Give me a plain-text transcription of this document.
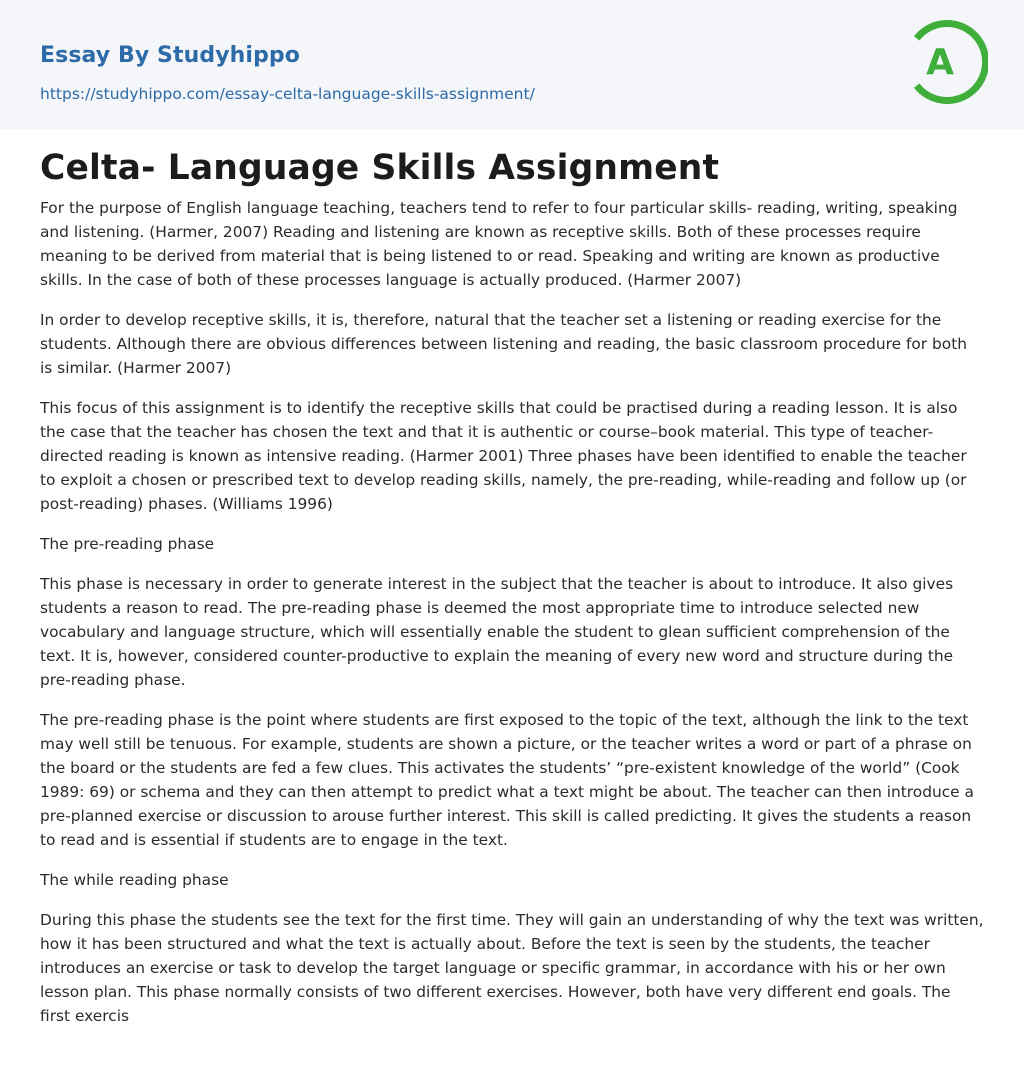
Essay By Studyhippo
https://studyhippo.com/essay-celta-language-skills-assignment/
A
Celta- Language Skills Assignment

For the purpose of English language teaching, teachers tend to refer to four particular skills- reading, writing, speaking and listening. (Harmer, 2007) Reading and listening are known as receptive skills. Both of these processes require meaning to be derived from material that is being listened to or read. Speaking and writing are known as productive skills. In the case of both of these processes language is actually produced. (Harmer 2007)

In order to develop receptive skills, it is, therefore, natural that the teacher set a listening or reading exercise for the students. Although there are obvious differences between listening and reading, the basic classroom procedure for both is similar. (Harmer 2007)

This focus of this assignment is to identify the receptive skills that could be practised during a reading lesson. It is also the case that the teacher has chosen the text and that it is authentic or course–book material. This type of teacher-directed reading is known as intensive reading. (Harmer 2001) Three phases have been identified to enable the teacher to exploit a chosen or prescribed text to develop reading skills, namely, the pre-reading, while-reading and follow up (or post-reading) phases. (Williams 1996)

The pre-reading phase

This phase is necessary in order to generate interest in the subject that the teacher is about to introduce. It also gives students a reason to read. The pre-reading phase is deemed the most appropriate time to introduce selected new vocabulary and language structure, which will essentially enable the student to glean sufficient comprehension of the text. It is, however, considered counter-productive to explain the meaning of every new word and structure during the pre-reading phase.

The pre-reading phase is the point where students are first exposed to the topic of the text, although the link to the text may well still be tenuous. For example, students are shown a picture, or the teacher writes a word or part of a phrase on the board or the students are fed a few clues. This activates the students’ “pre-existent knowledge of the world” (Cook 1989: 69) or schema and they can then attempt to predict what a text might be about. The teacher can then introduce a pre-planned exercise or discussion to arouse further interest. This skill is called predicting. It gives the students a reason to read and is essential if students are to engage in the text.

The while reading phase

During this phase the students see the text for the first time. They will gain an understanding of why the text was written, how it has been structured and what the text is actually about. Before the text is seen by the students, the teacher introduces an exercise or task to develop the target language or specific grammar, in accordance with his or her own lesson plan. This phase normally consists of two different exercises. However, both have very different end goals. The first exercis
